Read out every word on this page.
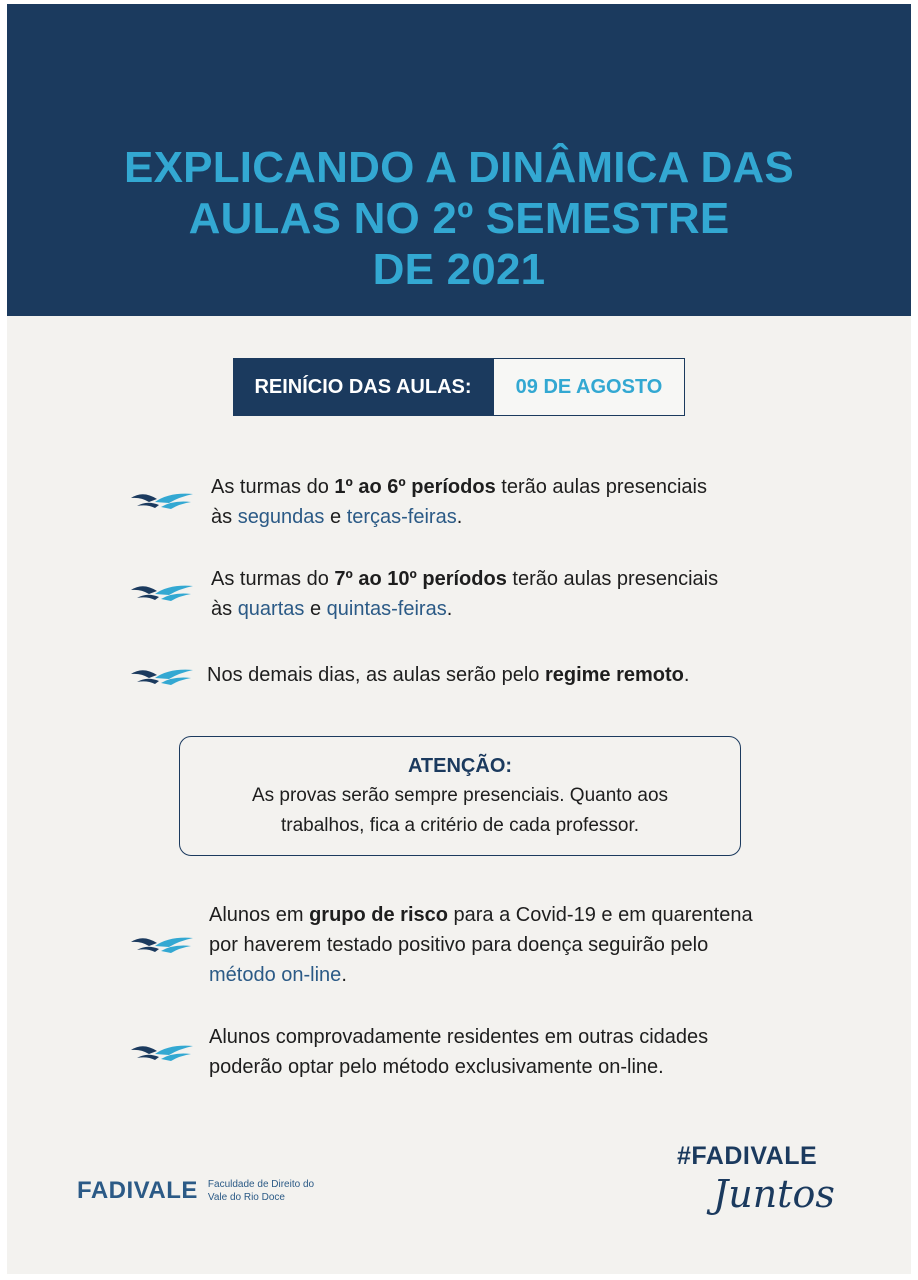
EXPLICANDO A DINÂMICA DAS
AULAS NO 2º SEMESTRE
DE 2021
REINÍCIO DAS AULAS:	09 DE AGOSTO
As turmas do 1º ao 6º períodos terão aulas presenciais
às segundas e terças-feiras.
As turmas do 7º ao 10º períodos terão aulas presenciais
às quartas e quintas-feiras.
Nos demais dias, as aulas serão pelo regime remoto.
ATENÇÃO:
As provas serão sempre presenciais. Quanto aos
trabalhos, fica a critério de cada professor.
Alunos em grupo de risco para a Covid-19 e em quarentena
por haverem testado positivo para doença seguirão pelo
método on-line.
Alunos comprovadamente residentes em outras cidades
poderão optar pelo método exclusivamente on-line.
FADIVALE Faculdade de Direito do
Vale do Rio Doce
#FADIVALE
Juntos
